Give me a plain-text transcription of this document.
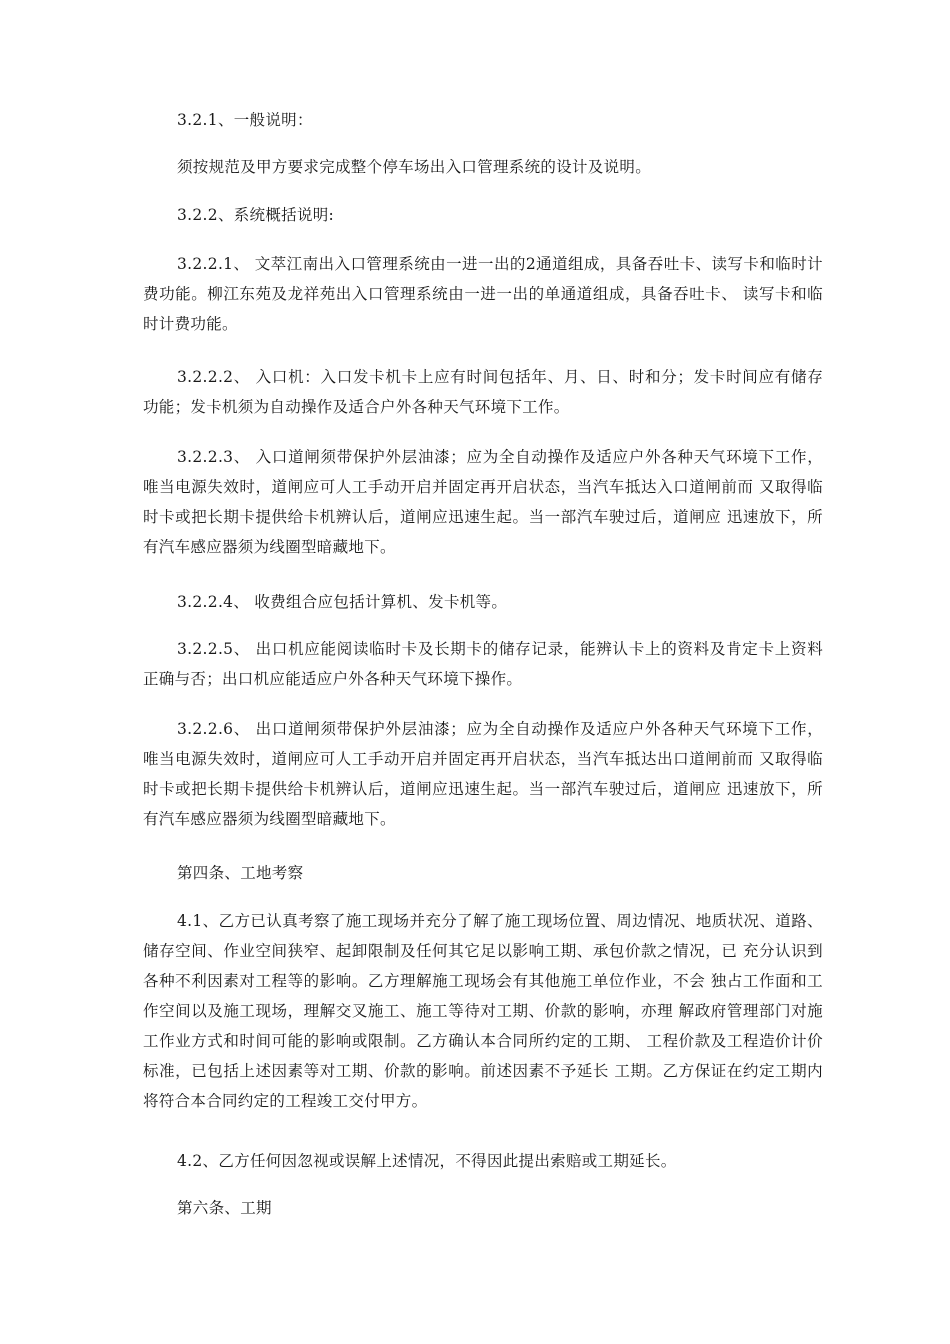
3.2.1、一般说明：

须按规范及甲方要求完成整个停车场出入口管理系统的设计及说明。

3.2.2、系统概括说明:

3.2.2.1、 文萃江南出入口管理系统由一进一出的2通道组成，具备吞吐卡、读写卡和临时计费功能。柳江东苑及龙祥苑出入口管理系统由一进一出的单通道组成，具备吞吐卡、 读写卡和临时计费功能。

3.2.2.2、 入口机：入口发卡机卡上应有时间包括年、月、日、时和分；发卡时间应有储存功能；发卡机须为自动操作及适合户外各种天气环境下工作。

3.2.2.3、 入口道闸须带保护外层油漆；应为全自动操作及适应户外各种天气环境下工作，唯当电源失效时，道闸应可人工手动开启并固定再开启状态，当汽车抵达入口道闸前而 又取得临时卡或把长期卡提供给卡机辨认后，道闸应迅速生起。当一部汽车驶过后，道闸应 迅速放下，所有汽车感应器须为线圈型暗藏地下。

3.2.2.4、 收费组合应包括计算机、发卡机等。

3.2.2.5、 出口机应能阅读临时卡及长期卡的储存记录，能辨认卡上的资料及肯定卡上资料正确与否；出口机应能适应户外各种天气环境下操作。

3.2.2.6、 出口道闸须带保护外层油漆；应为全自动操作及适应户外各种天气环境下工作，唯当电源失效时，道闸应可人工手动开启并固定再开启状态，当汽车抵达出口道闸前而 又取得临时卡或把长期卡提供给卡机辨认后，道闸应迅速生起。当一部汽车驶过后，道闸应 迅速放下，所有汽车感应器须为线圈型暗藏地下。

第四条、工地考察

4.1、乙方已认真考察了施工现场并充分了解了施工现场位置、周边情况、地质状况、道路、储存空间、作业空间狭窄、起卸限制及任何其它足以影响工期、承包价款之情况，已 充分认识到各种不利因素对工程等的影响。乙方理解施工现场会有其他施工单位作业，不会 独占工作面和工作空间以及施工现场，理解交叉施工、施工等待对工期、价款的影响，亦理 解政府管理部门对施工作业方式和时间可能的影响或限制。乙方确认本合同所约定的工期、 工程价款及工程造价计价标准，已包括上述因素等对工期、价款的影响。前述因素不予延长 工期。乙方保证在约定工期内将符合本合同约定的工程竣工交付甲方。

4.2、乙方任何因忽视或误解上述情况，不得因此提出索赔或工期延长。

第六条、工期
